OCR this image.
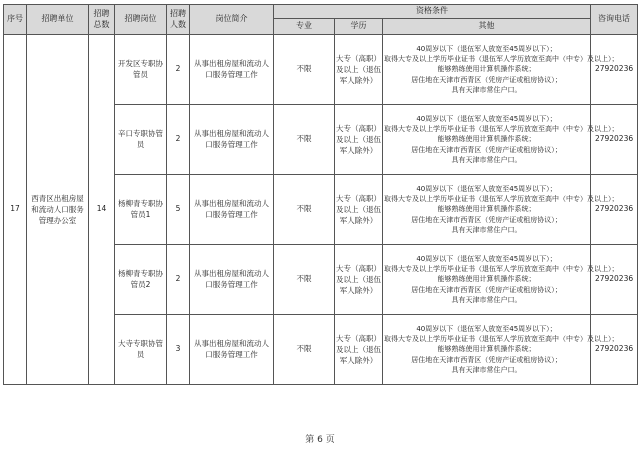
序号	招聘单位	招聘总数	招聘岗位	招聘人数	岗位简介	资格条件			咨询电话
						专业	学历	其他	
17	西青区出租房屋和流动人口服务管理办公室	14	开发区专职协管员	2	从事出租房屋和流动人口服务管理工作	不限	大专（高职）及以上（退伍军人除外）	40周岁以下（退伍军人放宽至45周岁以下）；
取得大专及以上学历毕业证书（退伍军人学历放宽至高中（中专）及以上）；
能够熟练使用计算机操作系统；
居住地在天津市西青区（凭房产证或租房协议）；
具有天津市常住户口。	27920236
			辛口专职协管员	2	从事出租房屋和流动人口服务管理工作	不限	大专（高职）及以上（退伍军人除外）	40周岁以下（退伍军人放宽至45周岁以下）；
取得大专及以上学历毕业证书（退伍军人学历放宽至高中（中专）及以上）；
能够熟练使用计算机操作系统；
居住地在天津市西青区（凭房产证或租房协议）；
具有天津市常住户口。	27920236
			杨柳青专职协管员1	5	从事出租房屋和流动人口服务管理工作	不限	大专（高职）及以上（退伍军人除外）	40周岁以下（退伍军人放宽至45周岁以下）；
取得大专及以上学历毕业证书（退伍军人学历放宽至高中（中专）及以上）；
能够熟练使用计算机操作系统；
居住地在天津市西青区（凭房产证或租房协议）；
具有天津市常住户口。	27920236
			杨柳青专职协管员2	2	从事出租房屋和流动人口服务管理工作	不限	大专（高职）及以上（退伍军人除外）	40周岁以下（退伍军人放宽至45周岁以下）；
取得大专及以上学历毕业证书（退伍军人学历放宽至高中（中专）及以上）；
能够熟练使用计算机操作系统；
居住地在天津市西青区（凭房产证或租房协议）；
具有天津市常住户口。	27920236
			大寺专职协管员	3	从事出租房屋和流动人口服务管理工作	不限	大专（高职）及以上（退伍军人除外）	40周岁以下（退伍军人放宽至45周岁以下）；
取得大专及以上学历毕业证书（退伍军人学历放宽至高中（中专）及以上）；
能够熟练使用计算机操作系统；
居住地在天津市西青区（凭房产证或租房协议）；
具有天津市常住户口。	27920236
第 6 页
